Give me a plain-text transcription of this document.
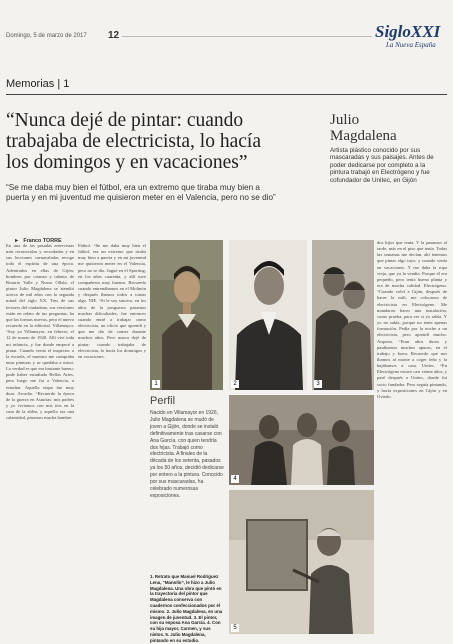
Domingo, 5 de marzo de 2017 12	SigloXXI
La Nueva España
Memorias | 1
“Nunca dejé de pintar: cuando
trabajaba de electricista, lo hacía
los domingos y en vacaciones”
“Se me daba muy bien el fútbol, era un extremo que tiraba muy bien a
puerta y en mi juventud me quisieron meter en el Valencia, pero no se dio”
► Franco TORRE
En una de las pasadas entrevistas más reconocidas y recordadas y en sus lecciones carnavaladas recoge todo el espíritu de una época. Adentrados en ellas de Gijón, hombres por crianza y talento de Rosario Valle y Nosso Ollala, el pintor Julio Magdalena se atendió acerca de mil años con la segunda mitad del siglo XX. Tres de sus lectores del ciudadano, sus versiones están en relato de tus preguntas, ha que las formas nuevas, pero el nuevo recuerdo en la editorial. Villamayor. “Soy yo Villamayor, en febrero, el 12 de marzo de 1920. Allí viví toda mi infancia, y fue donde empecé a pintar. Cuando venía el inspector a la escuela, el maestro me compraba unas pinturas y se quedaba a mirar. La verdad es que era bastante bueno; pude haber estudiado Bellas Artes, pero luego me fui a Valencia, a estudiar. Aquella etapa fue muy dura. Arcadio. “Recuerdo la época de la guerra en Asturias: mis padres y yo vivíamos con mis tíos en la casa de la aldea, y aquello era una calamidad, pasamos mucha hambre.
Fútbol. “Se me daba muy bien el fútbol, era un extremo que tiraba muy bien a puerta y en mi juventud me quisieron meter en el Valencia, pero no se dio. Jugué en el Sporting, en los años cuarenta, y allí tuve compañeros muy buenos. Recuerdo cuando entrenábamos en el Molinón y después íbamos todos a tomar algo. NIE. “Si le soy sincero, en los años de la posguerra pasamos muchas dificultades; fue entonces cuando entré a trabajar como electricista, un oficio que aprendí y que me dio de comer durante muchos años. Pero nunca dejé de pintar: cuando trabajaba de electricista, lo hacía los domingos y en vacaciones.
Julio
Magdalena
Artista plástico conocido por sus mascaradas y sus paisajes. Antes de poder dedicarse por completo a la pintura trabajó en Electrógeno y fue cofundador de Unitec, en Gijón
dos hijos que tenía. Y la pasamos al tarde, más en el piso que tenía. Todas las semanas me decían, ahí tenemos que pintar algo tuyo, y cuando venía en vacaciones. Y me daba la ropa vieja, que ya la vendía. Porque él era pequeño, pero tenía buena planta y era de mucha calidad. Electrógeno. “Cuando volví a Gijón, después de hacer la mili, me colocaron de electricista en Electrógeno. Me mandaron hacer una instalación, como prueba, para ver si yo sabía. Y yo no sabía, porque no tenía apenas formación. Pedía por la noche a un electricista, pero aprendí mucho. Arqueta. “Eran años duros y pasábamos muchos apuros, en el trabajo y fuera. Recuerdo que nos íbamos al monte a coger leña y la bajábamos a casa. Unitec. “En Electrógeno estuve casi veinte años, y pasé después a Unitec, donde fui socio fundador. Pero seguía pintando, y hacía exposiciones en Gijón y en Oviedo.
1	2	3
Perfil
Nacido en Villamayor en 1926, Julio Magdalena se mudó de joven a Gijón, donde se instaló definitivamente tras casarse con Ana García, con quien tendría dos hijas. Trabajó como electricista. A finales de la década de los setenta, pasados ya los 50 años, decidió dedicarse por entero a la pintura. Conocido por sus mascaradas, ha celebrado numerosas exposiciones.
4
1. Retrato que Manuel Rodríguez Lena, “Manolín”, le hizo a Julio Magdalena. Una obra que pintó en la trayectoria del pintor que Magdalena conserva con cuadernos confeccionados por él mismo. 2. Julio Magdalena, en una imagen de juventud. 3. El pintor, con su esposa Ana García. 4. Con su hija mayor, Carmen, y sus nietos. 5. Julio Magdalena, pintando en su estudio.
5
